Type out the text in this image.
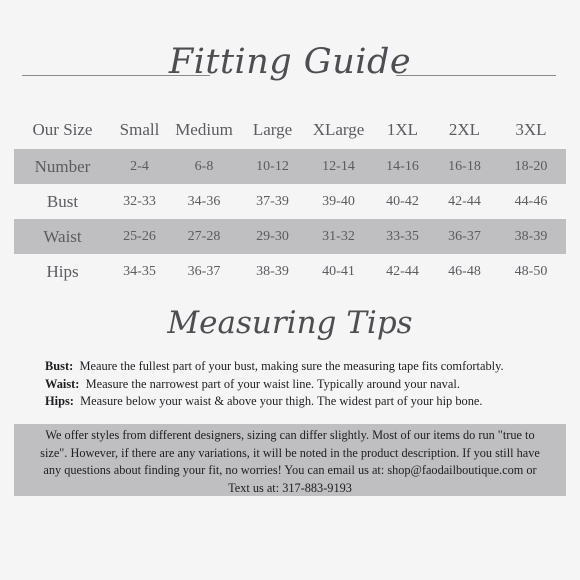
Fitting Guide
Our Size	Small	Medium	Large	XLarge	1XL	2XL	3XL

Number	2-4	6-8	10-12	12-14	14-16	16-18	18-20
Bust	32-33	34-36	37-39	39-40	40-42	42-44	44-46
Waist	25-26	27-28	29-30	31-32	33-35	36-37	38-39
Hips	34-35	36-37	38-39	40-41	42-44	46-48	48-50
Measuring Tips
Bust: Meaure the fullest part of your bust, making sure the measuring tape fits comfortably.
Waist: Measure the narrowest part of your waist line. Typically around your naval.
Hips: Measure below your waist & above your thigh. The widest part of your hip bone.
We offer styles from different designers, sizing can differ slightly. Most of our items do run "true to
size". However, if there are any variations, it will be noted in the product description. If you still have
any questions about finding your fit, no worries! You can email us at: shop@faodailboutique.com or
Text us at: 317-883-9193
